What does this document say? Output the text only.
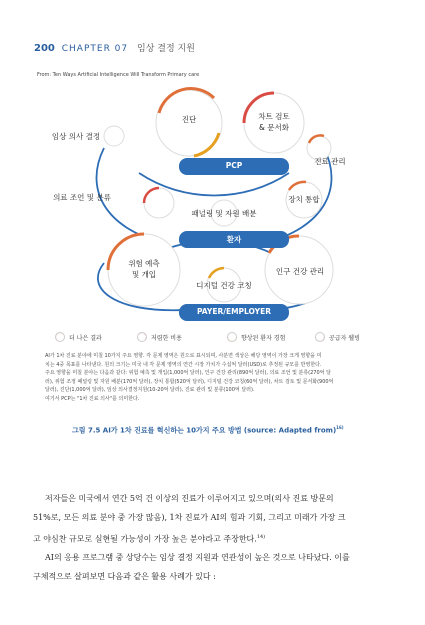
200 CHAPTER 07 임상 결정 지원
From: Ten Ways Artificial Intelligence Will Transform Primary care
PCP
환자
PAYER/EMPLOYER
진단	차트 검토
& 문서화
임상 의사 결정
진료 관리
의료 조언 및 분류	장치 통합
패널링 및 자원 배분
위험 예측
및 개입
디지털 건강 코칭
인구 건강 관리
더 나은 결과	저렴한 비용	향상된 환자 경험	공급자 웰빙
AI가 1차 진료 분야에 미칠 10가지 주요 영향. 각 문제 영역은 원으로 표시되며, 사분면 색상은 해당 영역이 가장 크게 영향을 미
치는 4중 목표를 나타낸다. 원의 크기는 미국 내 각 문제 영역의 연간 시장 가치가 수십억 달러(USD)로 추정된 규모를 반영한다.
주요 영향을 미칠 분야는 다음과 같다: 위험 예측 및 개입(1,000억 달러), 인구 건강 관리(890억 달러), 의료 조언 및 분류(270억 달
러), 위험 조정 패널링 및 자원 배분(170억 달러), 장치 통합(520억 달러), 디지털 건강 코칭(60억 달러), 차트 검토 및 문서화(900억
달러), 진단(1,000억 달러), 임상 의사결정지원(10-20억 달러), 진료 관리 및 분류(100억 달러).
여기서 PCP는 "1차 진료 의사"를 의미한다.
그림 7.5 AI가 1차 진료를 혁신하는 10가지 주요 방법 (source: Adapted from)$^{16)}$

저자들은 미국에서 연간 5억 건 이상의 진료가 이루어지고 있으며(의사 진료 방문의

51%로, 모든 의료 분야 중 가장 많음), 1차 진료가 AI의 힘과 기회, 그리고 미래가 가장 크

고 야심찬 규모로 실현될 가능성이 가장 높은 분야라고 주장한다.$^{14)}$

AI의 응용 프로그램 중 상당수는 임상 결정 지원과 연관성이 높은 것으로 나타났다. 이를

구체적으로 살펴보면 다음과 같은 활용 사례가 있다 :
